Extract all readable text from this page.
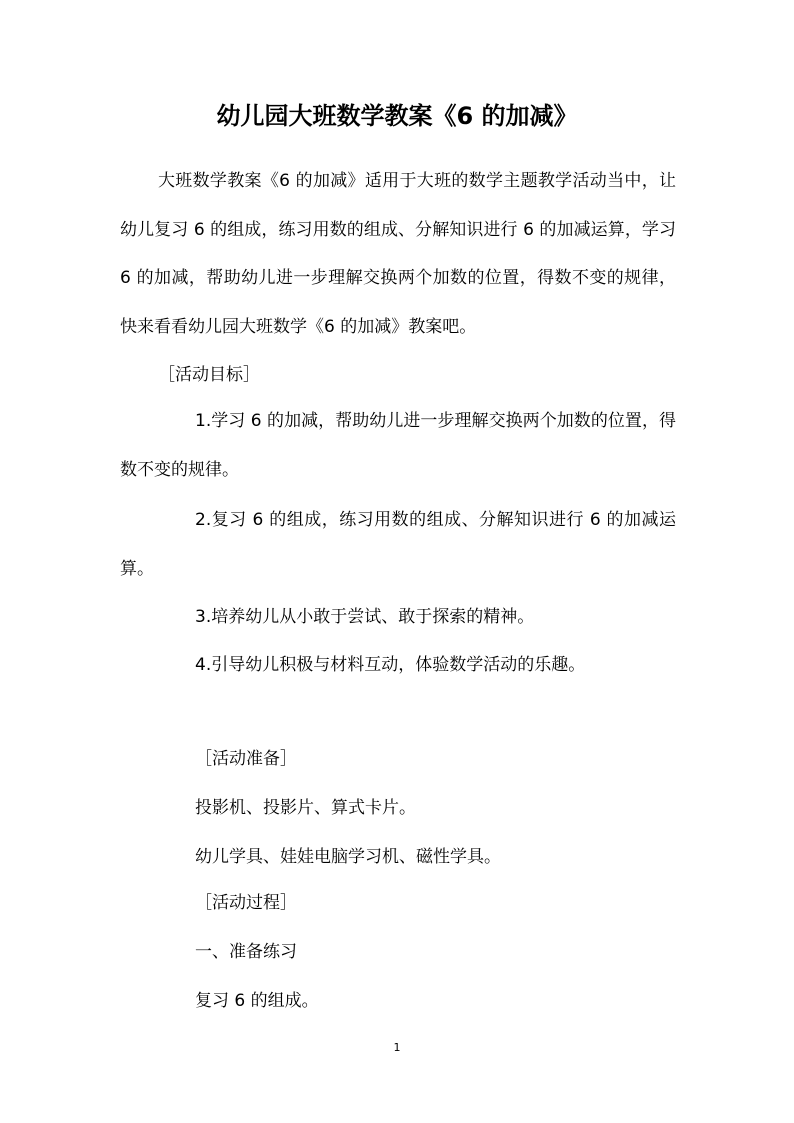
幼儿园大班数学教案《6 的加减》
大班数学教案《6 的加减》适用于大班的数学主题教学活动当中，让幼儿复习 6 的组成，练习用数的组成、分解知识进行 6 的加减运算，学习 6 的加减，帮助幼儿进一步理解交换两个加数的位置，得数不变的规律，快来看看幼儿园大班数学《6 的加减》教案吧。
［活动目标］
1.学习 6 的加减，帮助幼儿进一步理解交换两个加数的位置，得数不变的规律。
2.复习 6 的组成，练习用数的组成、分解知识进行 6 的加减运算。
3.培养幼儿从小敢于尝试、敢于探索的精神。
4.引导幼儿积极与材料互动，体验数学活动的乐趣。
［活动准备］
投影机、投影片、算式卡片。
幼儿学具、娃娃电脑学习机、磁性学具。
［活动过程］
一、准备练习
复习 6 的组成。
1
